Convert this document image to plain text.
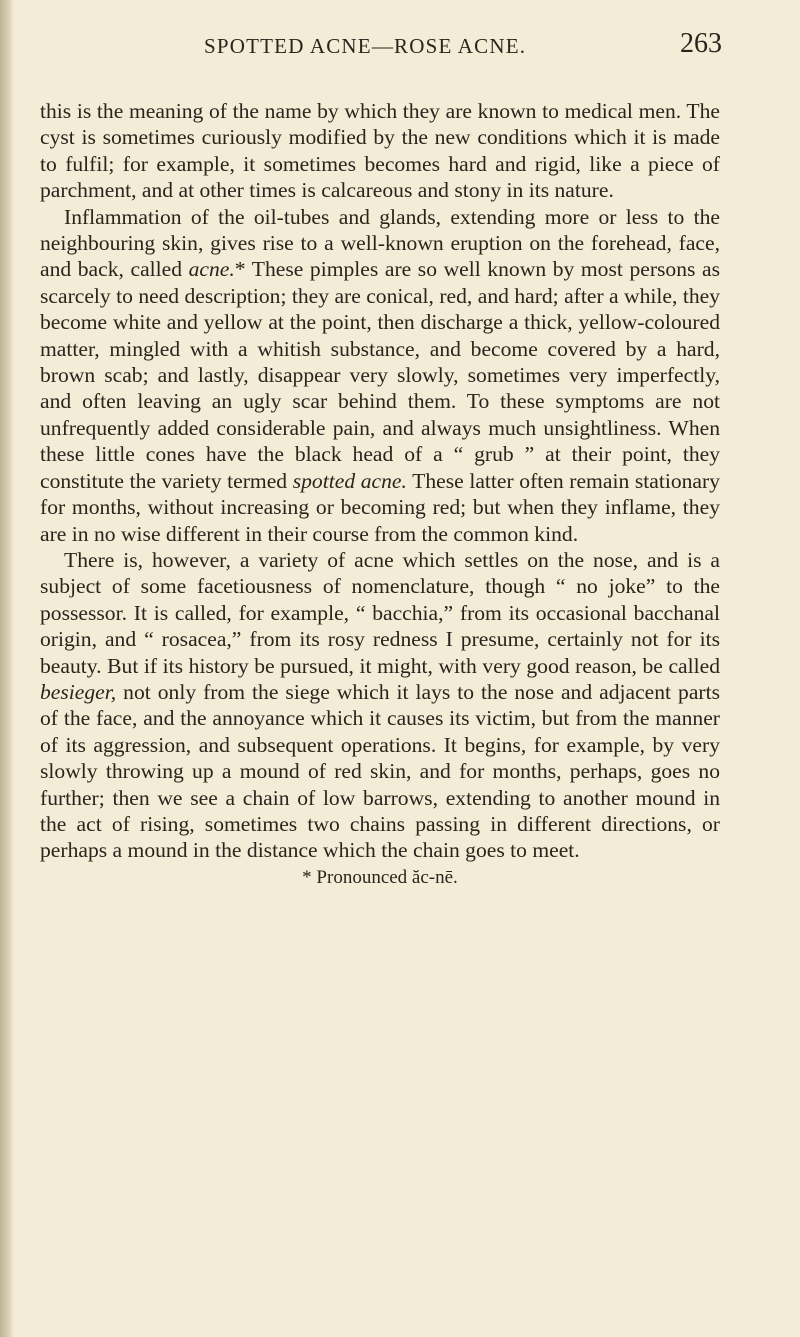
SPOTTED ACNE—ROSE ACNE.	263

this is the meaning of the name by which they are known to medical men. The cyst is sometimes curiously modified by the new conditions which it is made to fulfil; for example, it sometimes becomes hard and rigid, like a piece of parchment, and at other times is calcareous and stony in its nature.

Inflammation of the oil-tubes and glands, extending more or less to the neighbouring skin, gives rise to a well-known eruption on the forehead, face, and back, called acne.* These pimples are so well known by most persons as scarcely to need description; they are conical, red, and hard; after a while, they become white and yellow at the point, then discharge a thick, yellow-coloured matter, mingled with a whitish substance, and become covered by a hard, brown scab; and lastly, disappear very slowly, sometimes very imperfectly, and often leaving an ugly scar behind them. To these symptoms are not unfrequently added considerable pain, and always much unsightliness. When these little cones have the black head of a “ grub ” at their point, they constitute the variety termed spotted acne. These latter often remain stationary for months, without increasing or becoming red; but when they inflame, they are in no wise different in their course from the common kind.

There is, however, a variety of acne which settles on the nose, and is a subject of some facetiousness of nomenclature, though “ no joke” to the possessor. It is called, for example, “ bacchia,” from its occasional bacchanal origin, and “ rosacea,” from its rosy redness I presume, certainly not for its beauty. But if its history be pursued, it might, with very good reason, be called besieger, not only from the siege which it lays to the nose and adjacent parts of the face, and the annoyance which it causes its victim, but from the manner of its aggression, and subsequent operations. It begins, for example, by very slowly throwing up a mound of red skin, and for months, perhaps, goes no further; then we see a chain of low barrows, extending to another mound in the act of rising, sometimes two chains passing in different directions, or perhaps a mound in the distance which the chain goes to meet.

* Pronounced ăc-nē.
